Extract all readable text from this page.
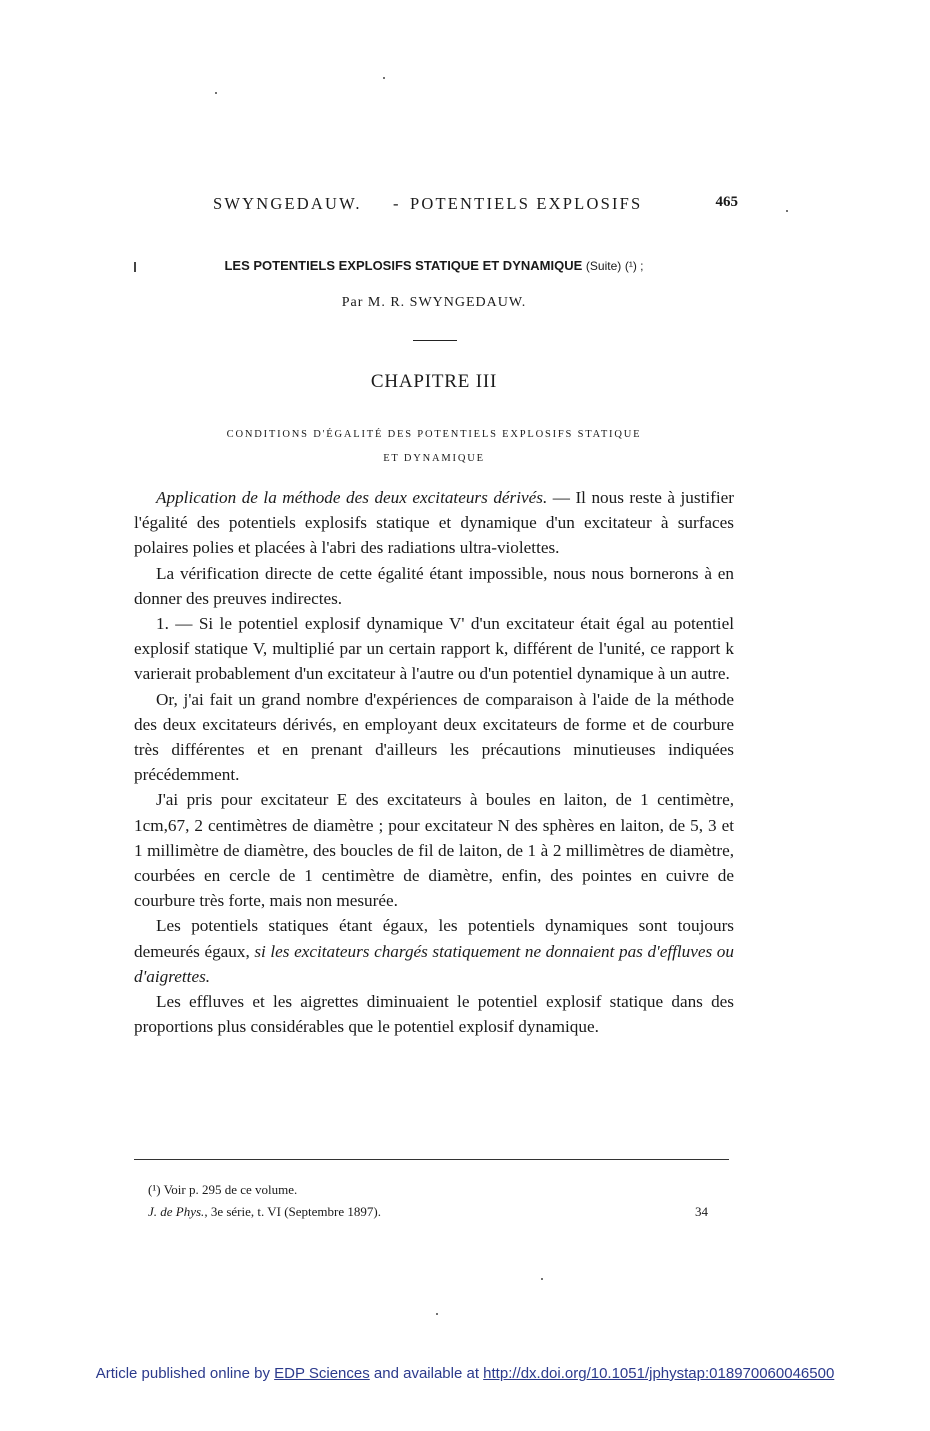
SWYNGEDAUW. - POTENTIELS EXPLOSIFS	465
LES POTENTIELS EXPLOSIFS STATIQUE ET DYNAMIQUE (Suite) (¹) ;
Par M. R. SWYNGEDAUW.
CHAPITRE III
CONDITIONS D'ÉGALITÉ DES POTENTIELS EXPLOSIFS STATIQUE
ET DYNAMIQUE

Application de la méthode des deux excitateurs dérivés. — Il nous reste à justifier l'égalité des potentiels explosifs statique et dynamique d'un excitateur à surfaces polaires polies et placées à l'abri des radiations ultra-violettes.

La vérification directe de cette égalité étant impossible, nous nous bornerons à en donner des preuves indirectes.

1. — Si le potentiel explosif dynamique V' d'un excitateur était égal au potentiel explosif statique V, multiplié par un certain rapport k, différent de l'unité, ce rapport k varierait probablement d'un excitateur à l'autre ou d'un potentiel dynamique à un autre.

Or, j'ai fait un grand nombre d'expériences de comparaison à l'aide de la méthode des deux excitateurs dérivés, en employant deux excitateurs de forme et de courbure très différentes et en prenant d'ailleurs les précautions minutieuses indiquées précédemment.

J'ai pris pour excitateur E des excitateurs à boules en laiton, de 1 centimètre, 1cm,67, 2 centimètres de diamètre ; pour excitateur N des sphères en laiton, de 5, 3 et 1 millimètre de diamètre, des boucles de fil de laiton, de 1 à 2 millimètres de diamètre, courbées en cercle de 1 centimètre de diamètre, enfin, des pointes en cuivre de courbure très forte, mais non mesurée.

Les potentiels statiques étant égaux, les potentiels dynamiques sont toujours demeurés égaux, si les excitateurs chargés statiquement ne donnaient pas d'effluves ou d'aigrettes.

Les effluves et les aigrettes diminuaient le potentiel explosif statique dans des proportions plus considérables que le potentiel explosif dynamique.

(¹) Voir p. 295 de ce volume.
J. de Phys., 3e série, t. VI (Septembre 1897).	34
Article published online by EDP Sciences and available at http://dx.doi.org/10.1051/jphystap:018970060046500
